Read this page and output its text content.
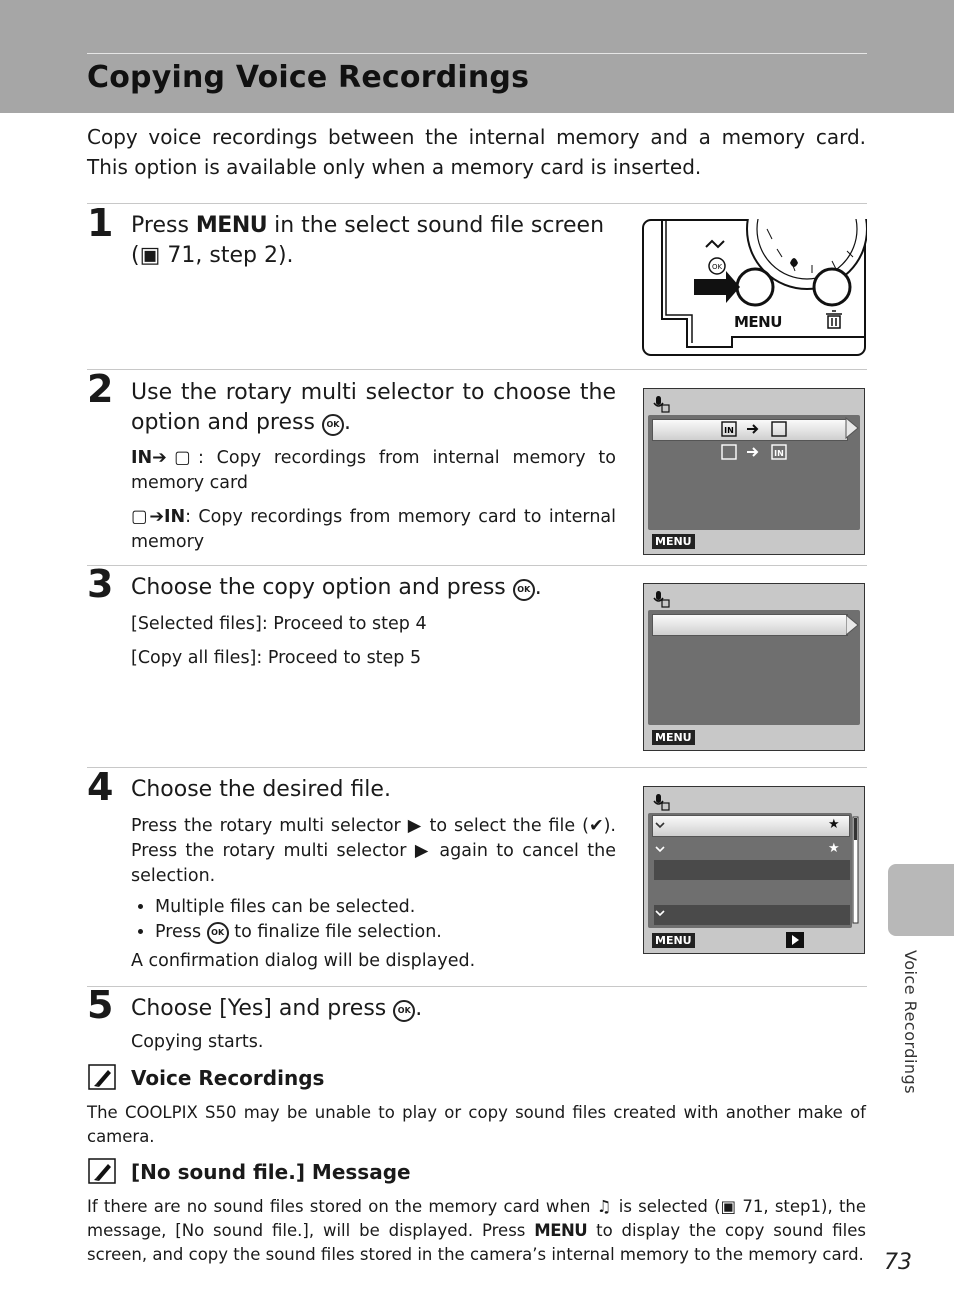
Copying Voice Recordings

Copy voice recordings between the internal memory and a memory card. This option is available only when a memory card is inserted.

1 Press MENU in the select sound file screen (▣ 71, step 2).	OK
MENU
2 Use the rotary multi selector to choose the option and press OK .

IN➔▢: Copy recordings from internal memory to memory card

▢➔IN: Copy recordings from memory card to internal memory

IN
IN
MENU
3 Choose the copy option and press OK .

[Selected files]: Proceed to step 4

[Copy all files]: Proceed to step 5

MENU
4 Choose the desired file.

Press the rotary multi selector ▶ to select the file (✔). Press the rotary multi selector ▶ again to cancel the selection.

• Multiple files can be selected.
• Press OK to finalize file selection.

A confirmation dialog will be displayed.

★
★
MENU
5 Choose [Yes] and press OK .
Copying starts.
Voice Recordings

The COOLPIX S50 may be unable to play or copy sound files created with another make of camera.

[No sound file.] Message

If there are no sound files stored on the memory card when ♫ is selected (▣ 71, step1), the message, [No sound file.], will be displayed. Press MENU to display the copy sound files screen, and copy the sound files stored in the camera’s internal memory to the memory card.

Voice Recordings
73
